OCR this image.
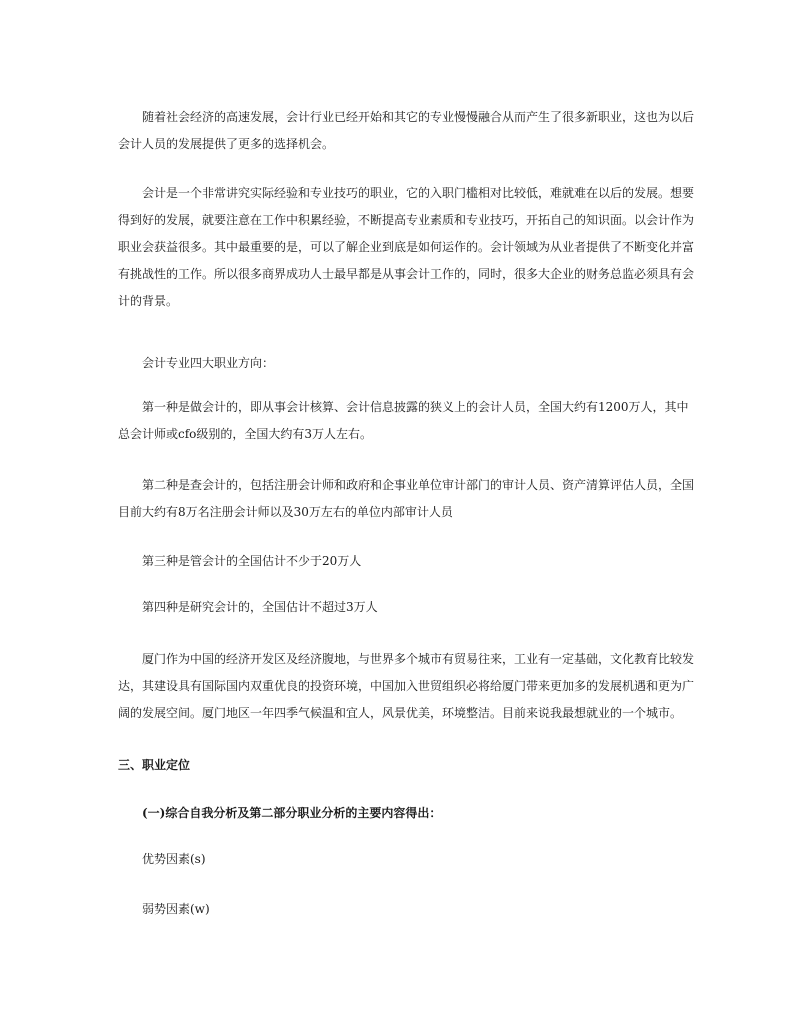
随着社会经济的高速发展，会计行业已经开始和其它的专业慢慢融合从而产生了很多新职业，这也为以后
会计人员的发展提供了更多的选择机会。
会计是一个非常讲究实际经验和专业技巧的职业，它的入职门槛相对比较低，难就难在以后的发展。想要
得到好的发展，就要注意在工作中积累经验，不断提高专业素质和专业技巧，开拓自己的知识面。以会计作为
职业会获益很多。其中最重要的是，可以了解企业到底是如何运作的。会计领域为从业者提供了不断变化并富
有挑战性的工作。所以很多商界成功人士最早都是从事会计工作的，同时，很多大企业的财务总监必须具有会
计的背景。
会计专业四大职业方向：
第一种是做会计的，即从事会计核算、会计信息披露的狭义上的会计人员，全国大约有1200万人，其中
总会计师或cfo级别的，全国大约有3万人左右。
第二种是查会计的，包括注册会计师和政府和企事业单位审计部门的审计人员、资产清算评估人员，全国
目前大约有8万名注册会计师以及30万左右的单位内部审计人员
第三种是管会计的全国估计不少于20万人
第四种是研究会计的，全国估计不超过3万人
厦门作为中国的经济开发区及经济腹地，与世界多个城市有贸易往来，工业有一定基础，文化教育比较发
达，其建设具有国际国内双重优良的投资环境，中国加入世贸组织必将给厦门带来更加多的发展机遇和更为广
阔的发展空间。厦门地区一年四季气候温和宜人，风景优美，环境整洁。目前来说我最想就业的一个城市。
三、职业定位
(一)综合自我分析及第二部分职业分析的主要内容得出：
优势因素(s)
弱势因素(w)
